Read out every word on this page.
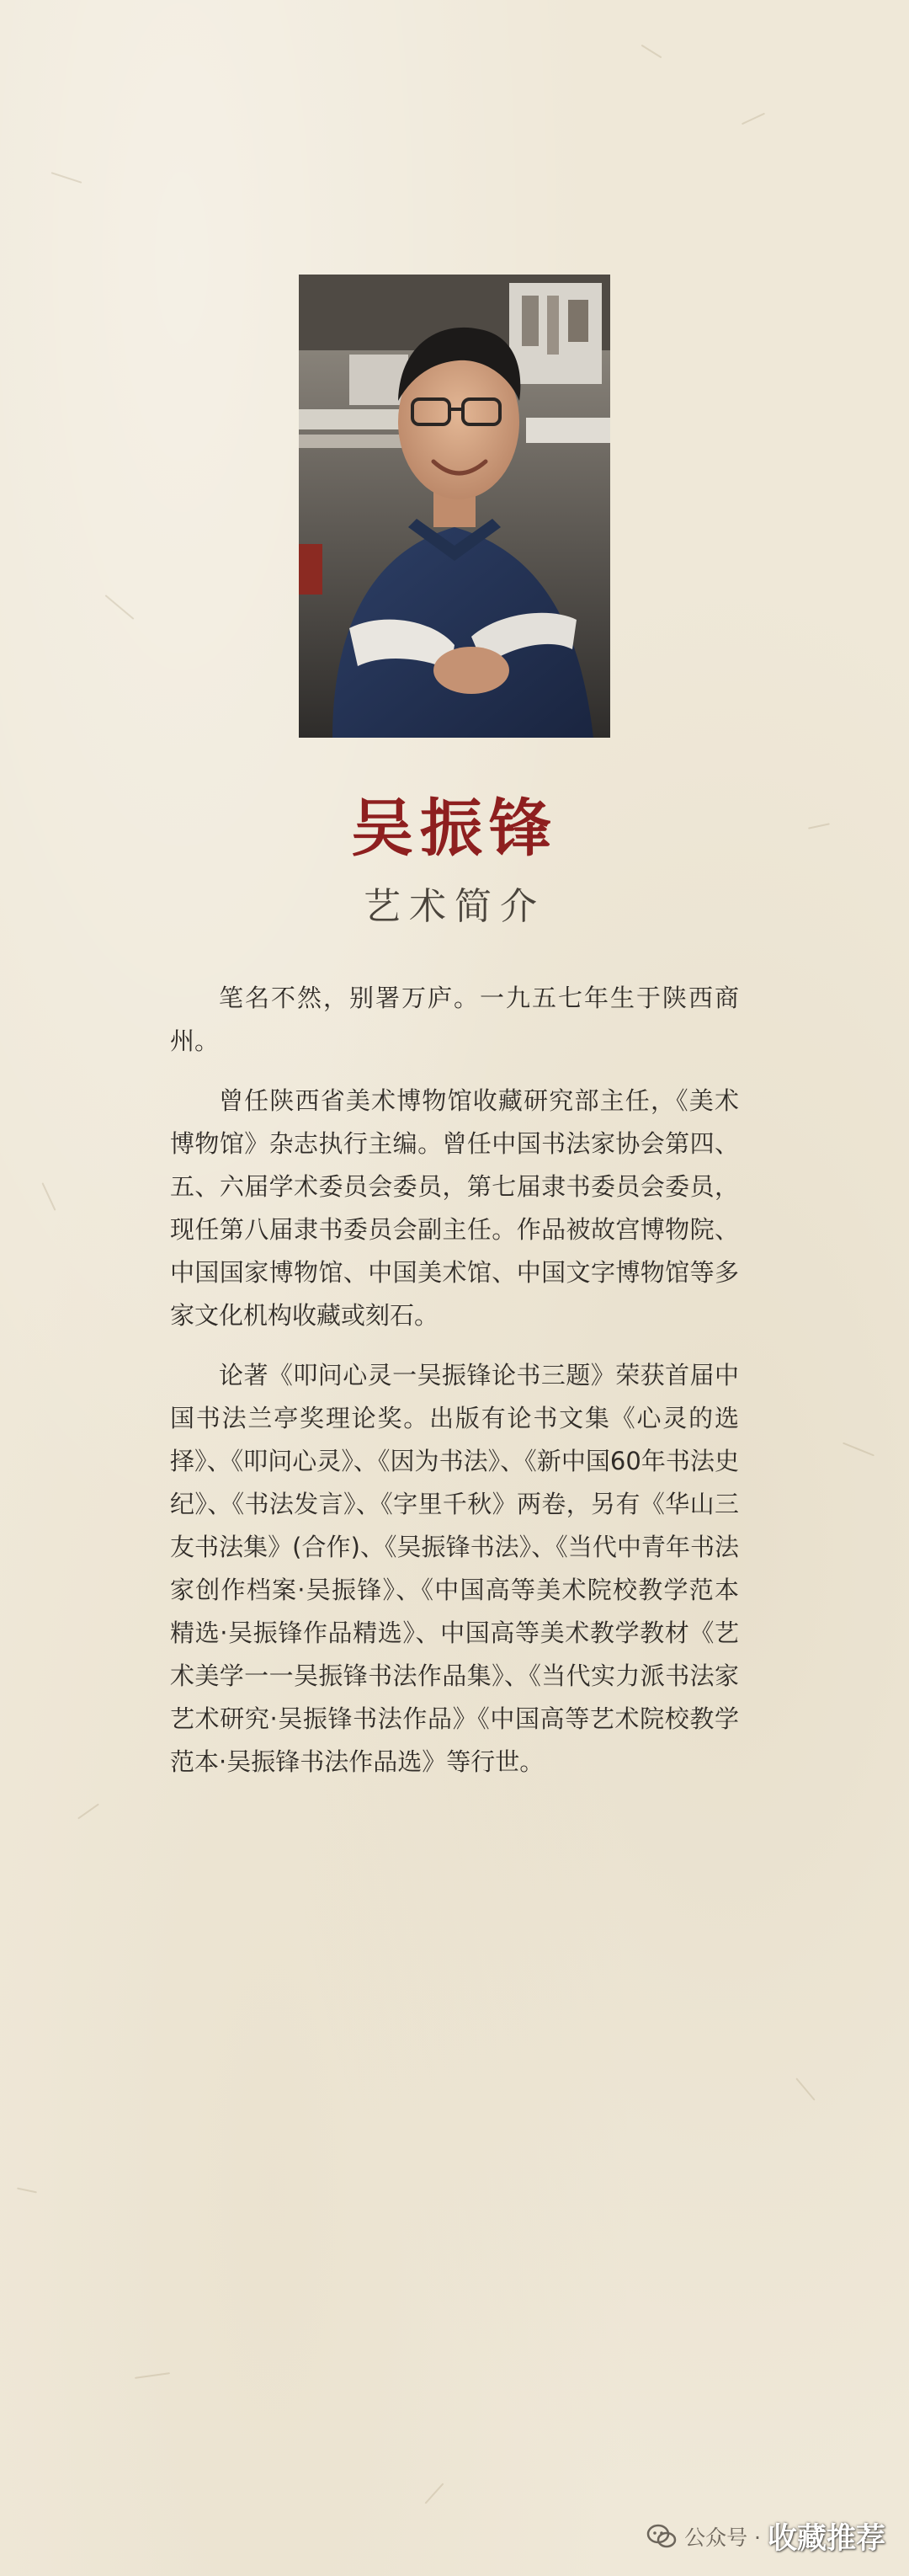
吴振锋
艺术简介

笔名不然，别署万庐。一九五七年生于陕西商州。

曾任陕西省美术博物馆收藏研究部主任，《美术博物馆》杂志执行主编。曾任中国书法家协会第四、五、六届学术委员会委员，第七届隶书委员会委员，现任第八届隶书委员会副主任。作品被故宫博物院、中国国家博物馆、中国美术馆、中国文字博物馆等多家文化机构收藏或刻石。

论著《叩问心灵一吴振锋论书三题》荣获首届中国书法兰亭奖理论奖。出版有论书文集《心灵的选择》、《叩问心灵》、《因为书法》、《新中国60年书法史纪》、《书法发言》、《字里千秋》两卷，另有《华山三友书法集》(合作)、《吴振锋书法》、《当代中青年书法家创作档案·吴振锋》、《中国高等美术院校教学范本精选·吴振锋作品精选》、中国高等美术教学教材《艺术美学一一吴振锋书法作品集》、《当代实力派书法家艺术研究·吴振锋书法作品》《中国高等艺术院校教学范本·吴振锋书法作品选》等行世。

公众号 · 收藏推荐
